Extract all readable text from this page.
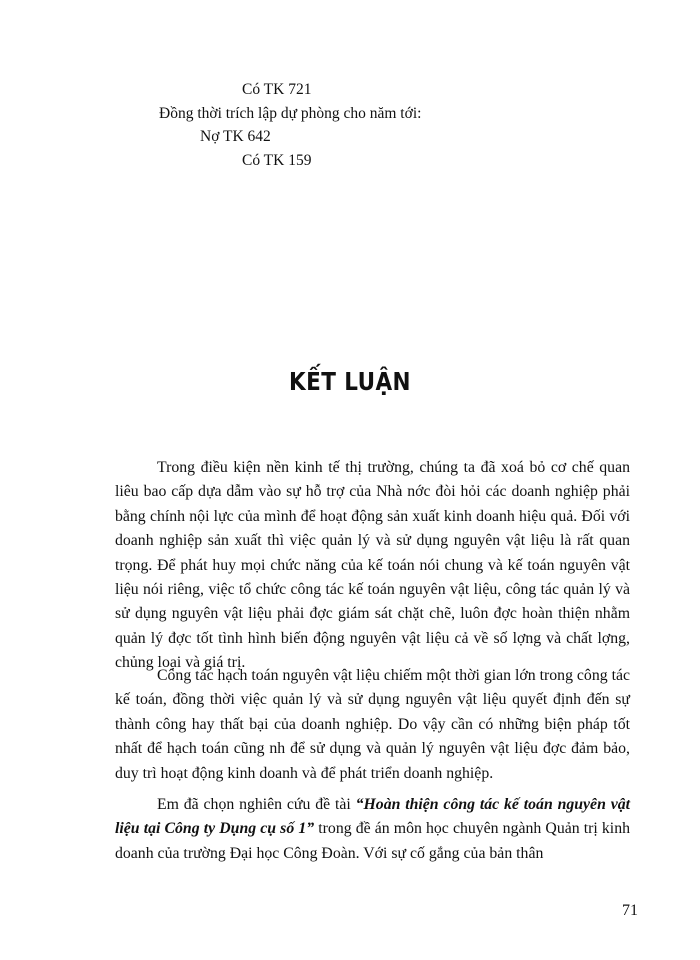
Có TK 721
Đồng thời trích lập dự phòng cho năm tới:
Nợ TK 642
Có TK 159
KẾT LUẬN
Trong điều kiện nền kinh tế thị trường, chúng ta đã xoá bỏ cơ chế quan liêu bao cấp dựa dẫm vào sự hỗ trợ của Nhà nớc đòi hỏi các doanh nghiệp phải bằng chính nội lực của mình để hoạt động sản xuất kinh doanh hiệu quả. Đối với doanh nghiệp sản xuất thì việc quản lý và sử dụng nguyên vật liệu là rất quan trọng. Để phát huy mọi chức năng của kế toán nói chung và kế toán nguyên vật liệu nói riêng, việc tổ chức công tác kế toán nguyên vật liệu, công tác quản lý và sử dụng nguyên vật liệu phải đợc giám sát chặt chẽ, luôn đợc hoàn thiện nhằm quản lý đợc tốt tình hình biến động nguyên vật liệu cả về số lợng và chất lợng, chủng loại và giá trị.
Công tác hạch toán nguyên vật liệu chiếm một thời gian lớn trong công tác kế toán, đồng thời việc quản lý và sử dụng nguyên vật liệu quyết định đến sự thành công hay thất bại của doanh nghiệp. Do vậy cần có những biện pháp tốt nhất để hạch toán cũng nh để sử dụng và quản lý nguyên vật liệu đợc đảm bảo, duy trì hoạt động kinh doanh và để phát triển doanh nghiệp.
Em đã chọn nghiên cứu đề tài “Hoàn thiện công tác kế toán nguyên vật liệu tại Công ty Dụng cụ số 1” trong đề án môn học chuyên ngành Quản trị kinh doanh của trường Đại học Công Đoàn. Với sự cố gắng của bản thân
71
